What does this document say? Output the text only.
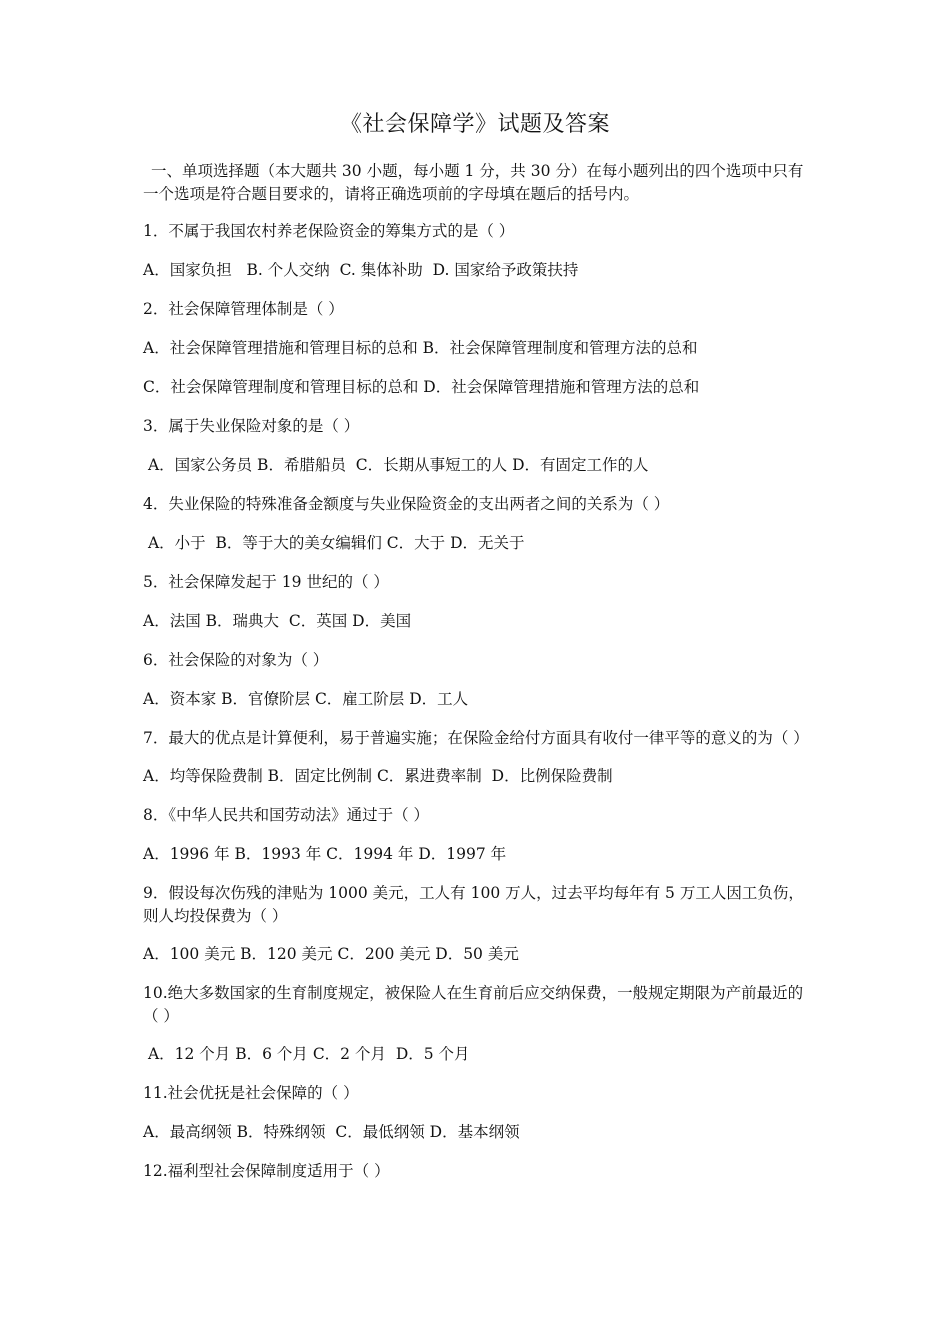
《社会保障学》试题及答案

一、单项选择题（本大题共 30 小题，每小题 1 分，共 30 分）在每小题列出的四个选项中只有一个选项是符合题目要求的，请将正确选项前的字母填在题后的括号内。

1．不属于我国农村养老保险资金的筹集方式的是（ ）

A．国家负担   B. 个人交纳  C. 集体补助  D. 国家给予政策扶持

2．社会保障管理体制是（ ）

A．社会保障管理措施和管理目标的总和 B．社会保障管理制度和管理方法的总和

C．社会保障管理制度和管理目标的总和 D．社会保障管理措施和管理方法的总和

3．属于失业保险对象的是（ ）

A．国家公务员 B．希腊船员  C．长期从事短工的人 D．有固定工作的人

4．失业保险的特殊准备金额度与失业保险资金的支出两者之间的关系为（ ）

A．小于  B．等于大的美女编辑们 C．大于 D．无关于

5．社会保障发起于 19 世纪的（ ）

A．法国 B．瑞典大  C．英国 D．美国

6．社会保险的对象为（ ）

A．资本家 B．官僚阶层 C．雇工阶层 D．工人

7．最大的优点是计算便利，易于普遍实施；在保险金给付方面具有收付一律平等的意义的为（ ）

A．均等保险费制 B．固定比例制 C．累进费率制  D．比例保险费制

8．《中华人民共和国劳动法》通过于（ ）

A．1996 年 B．1993 年 C．1994 年 D．1997 年

9．假设每次伤残的津贴为 1000 美元，工人有 100 万人，过去平均每年有 5 万工人因工负伤，则人均投保费为（ ）

A．100 美元 B．120 美元 C．200 美元 D．50 美元

10.绝大多数国家的生育制度规定，被保险人在生育前后应交纳保费，一般规定期限为产前最近的（ ）

A．12 个月 B．6 个月 C．2 个月  D．5 个月

11.社会优抚是社会保障的（ ）

A．最高纲领 B．特殊纲领  C．最低纲领 D．基本纲领

12.福利型社会保障制度适用于（ ）
